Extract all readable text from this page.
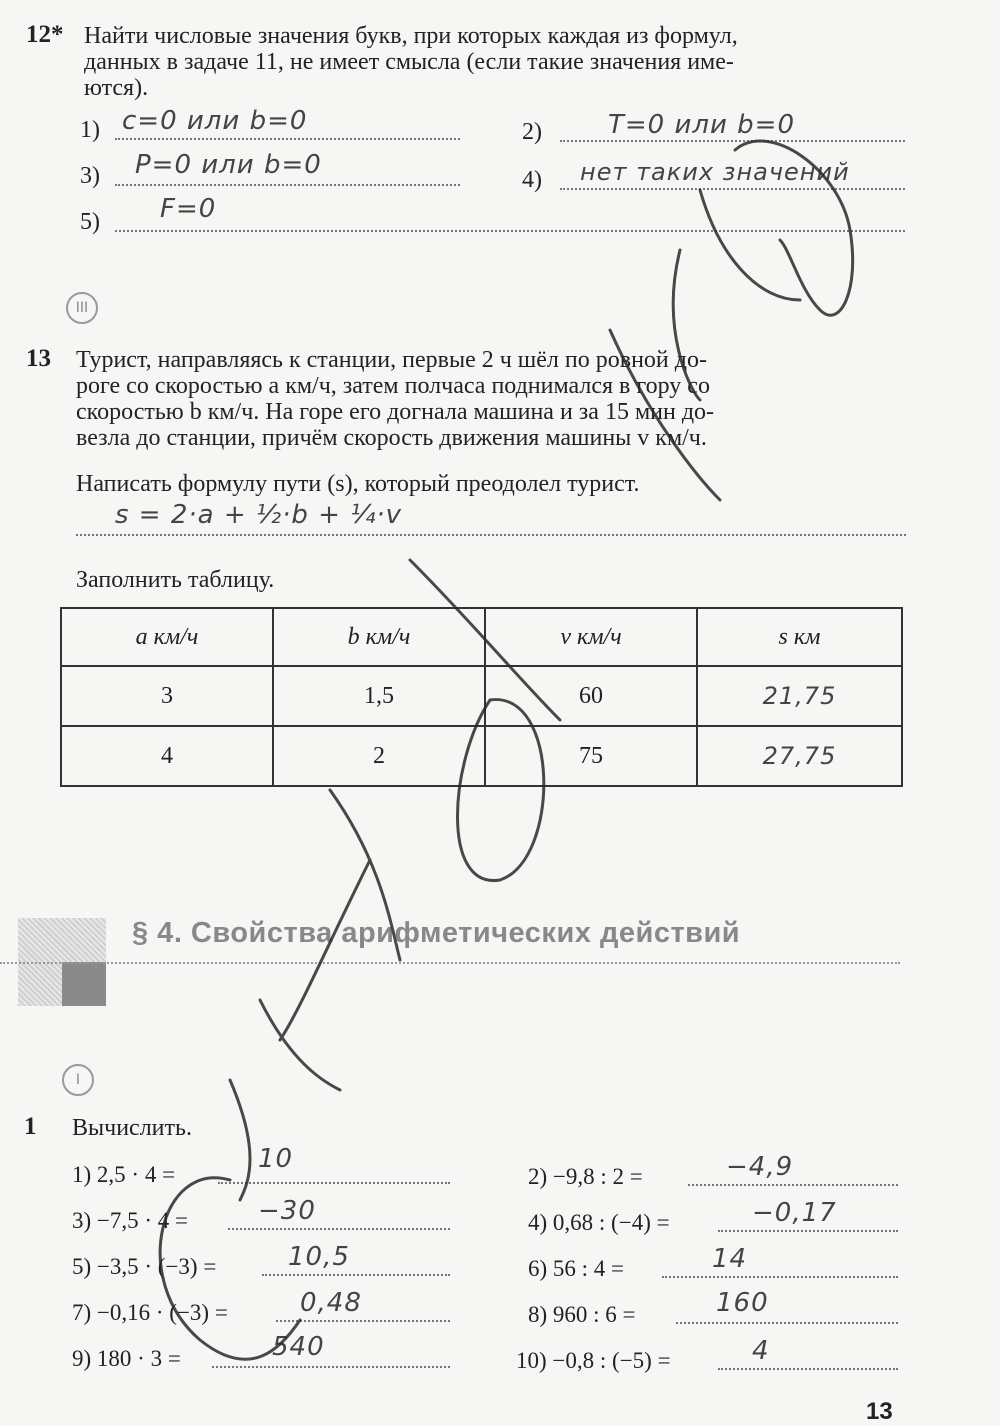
12* Найти числовые значения букв, при которых каждая из формул,
данных в задаче 11, не имеет смысла (если такие значения име-
ются).
1) c=0 или b=0	2)	T=0 или b=0
3) P=0 или b=0	4) нет таких значений
5) F=0
III
13 Турист, направляясь к станции, первые 2 ч шёл по ровной до-
роге со скоростью a км/ч, затем полчаса поднимался в гору со
скоростью b км/ч. На горе его догнала машина и за 15 мин до-
везла до станции, причём скорость движения машины v км/ч.
Написать формулу пути (s), который преодолел турист.
s = 2·a + ½·b + ¼·v
Заполнить таблицу.
a км/ч	b км/ч	v км/ч	s км
3	1,5	60	21,75
4	2	75	27,75
§ 4. Свойства арифметических действий
I
1 Вычислить.
1) 2,5 · 4 =
10
3) −7,5 · 4 =	−30
5) −3,5 · (−3) =	10,5
7) −0,16 · (−3) =	0,48
9) 180 · 3 =	540
2) −9,8 : 2 =	−4,9
4) 0,68 : (−4) =	−0,17
6) 56 : 4 =	14
8) 960 : 6 =	160
10) −0,8 : (−5) =	4
13
